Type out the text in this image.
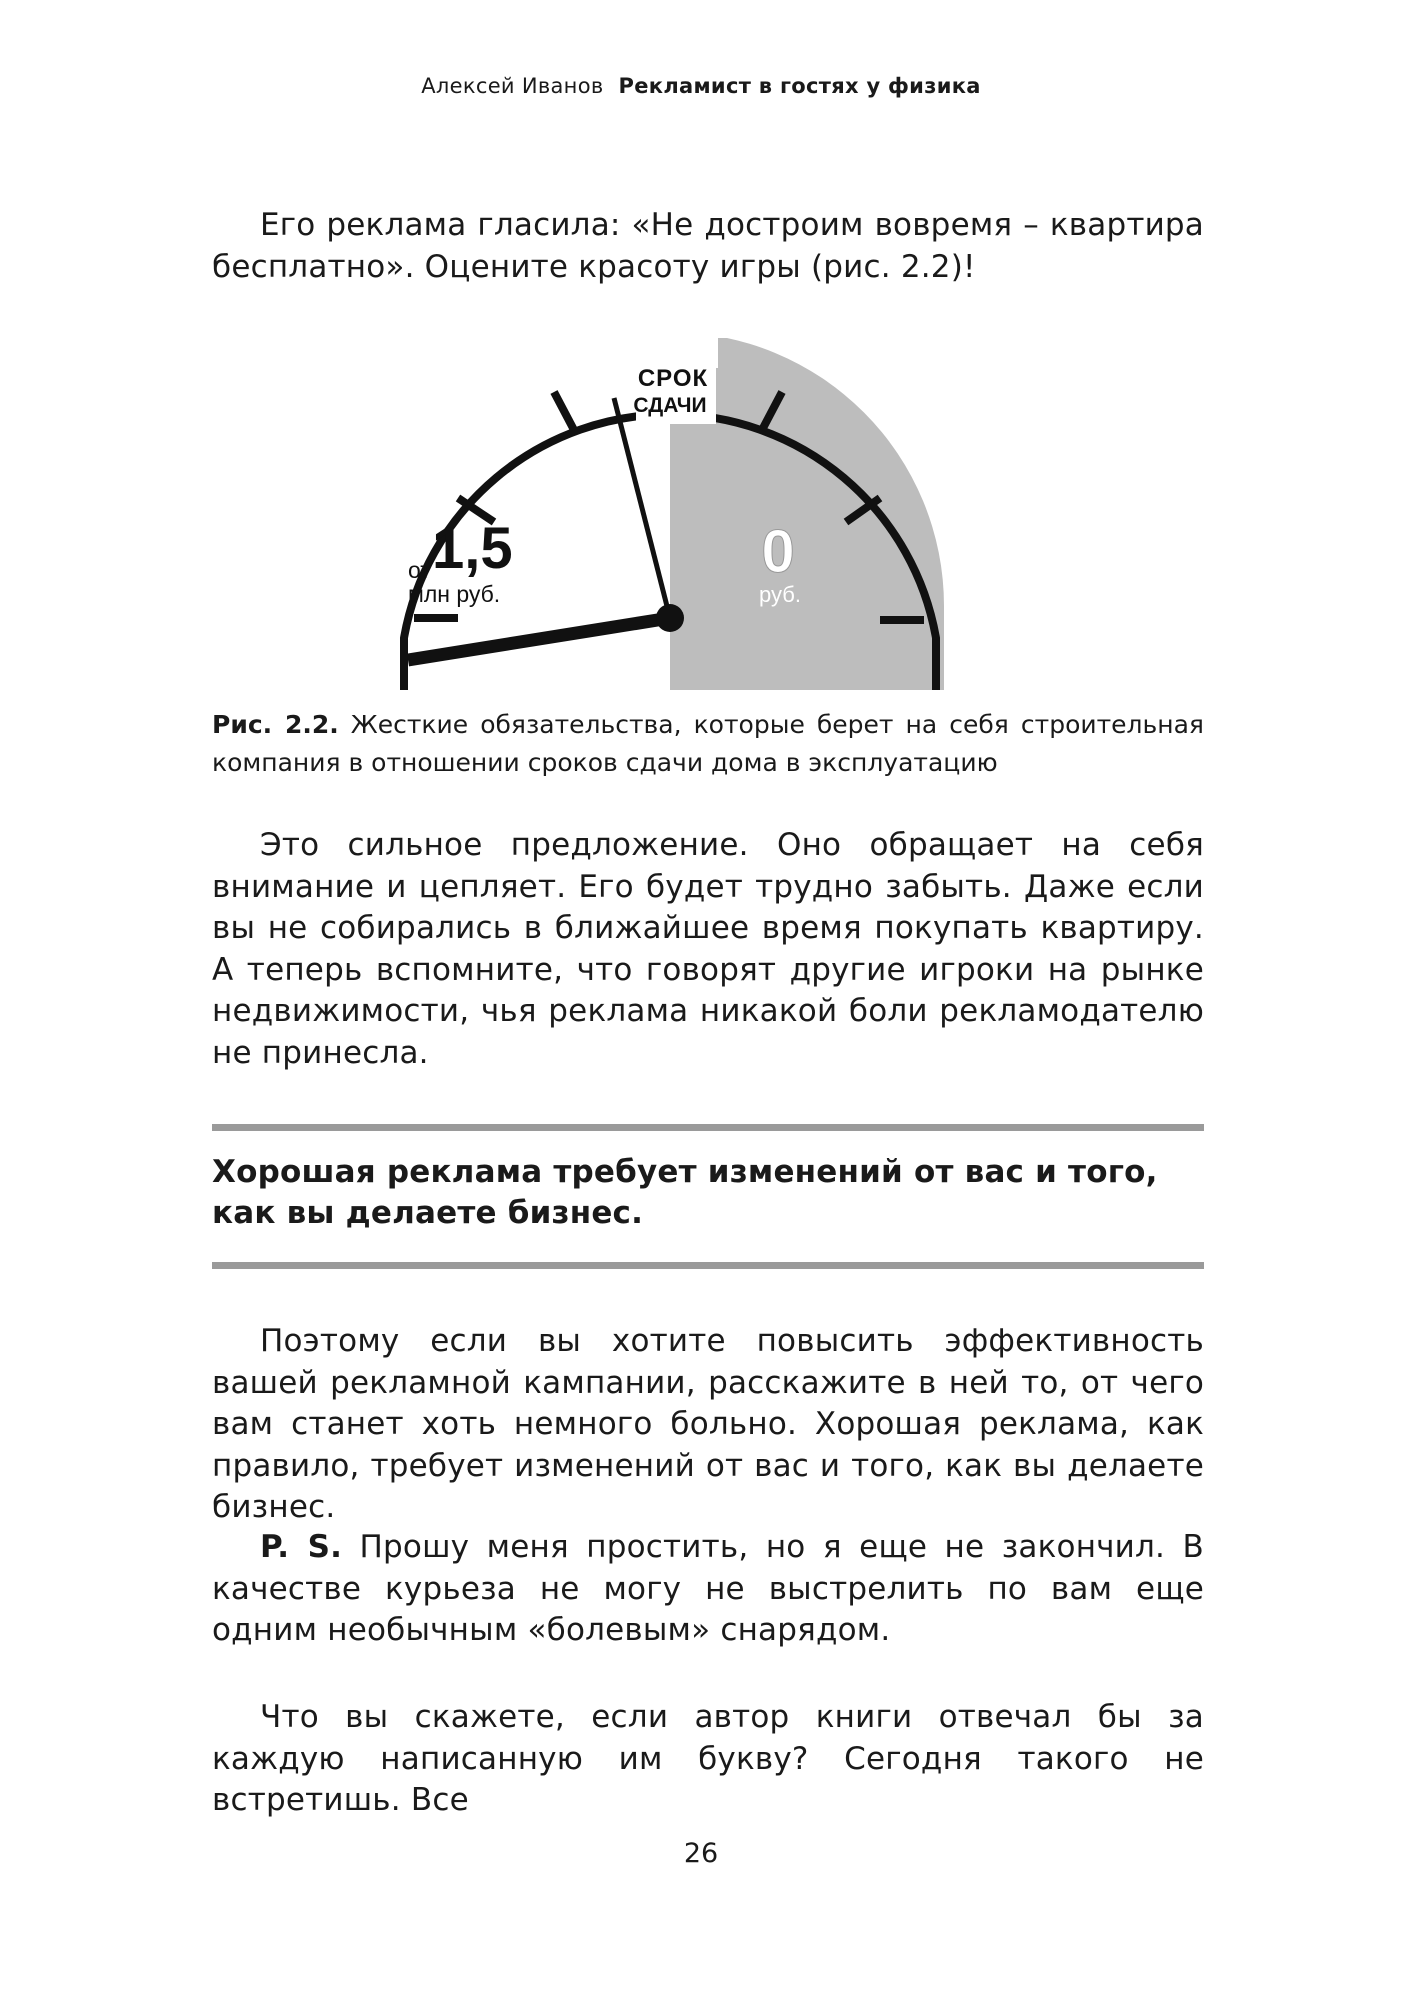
Алексей Иванов Рекламист в гостях у физика

Его реклама гласила: «Не достроим вовремя – квартира бесплатно». Оцените красоту игры (рис. 2.2)!

СРОК
СДАЧИ
от 1,5
млн руб.
0
руб.

Рис. 2.2. Жесткие обязательства, которые берет на себя строительная компания в отношении сроков сдачи дома в эксплуатацию

Это сильное предложение. Оно обращает на себя внимание и цепляет. Его будет трудно забыть. Даже если вы не собирались в ближайшее время покупать квартиру. А теперь вспомните, что говорят другие игроки на рынке недвижимости, чья реклама никакой боли рекламодателю не принесла.

Хорошая реклама требует изменений от вас и того, как вы делаете бизнес.

Поэтому если вы хотите повысить эффективность вашей рекламной кампании, расскажите в ней то, от чего вам станет хоть немного больно. Хорошая реклама, как правило, требует изменений от вас и того, как вы делаете бизнес.

P. S. Прошу меня простить, но я еще не закончил. В качестве курьеза не могу не выстрелить по вам еще одним необычным «болевым» снарядом.

Что вы скажете, если автор книги отвечал бы за каждую написанную им букву? Сегодня такого не встретишь. Все

26
